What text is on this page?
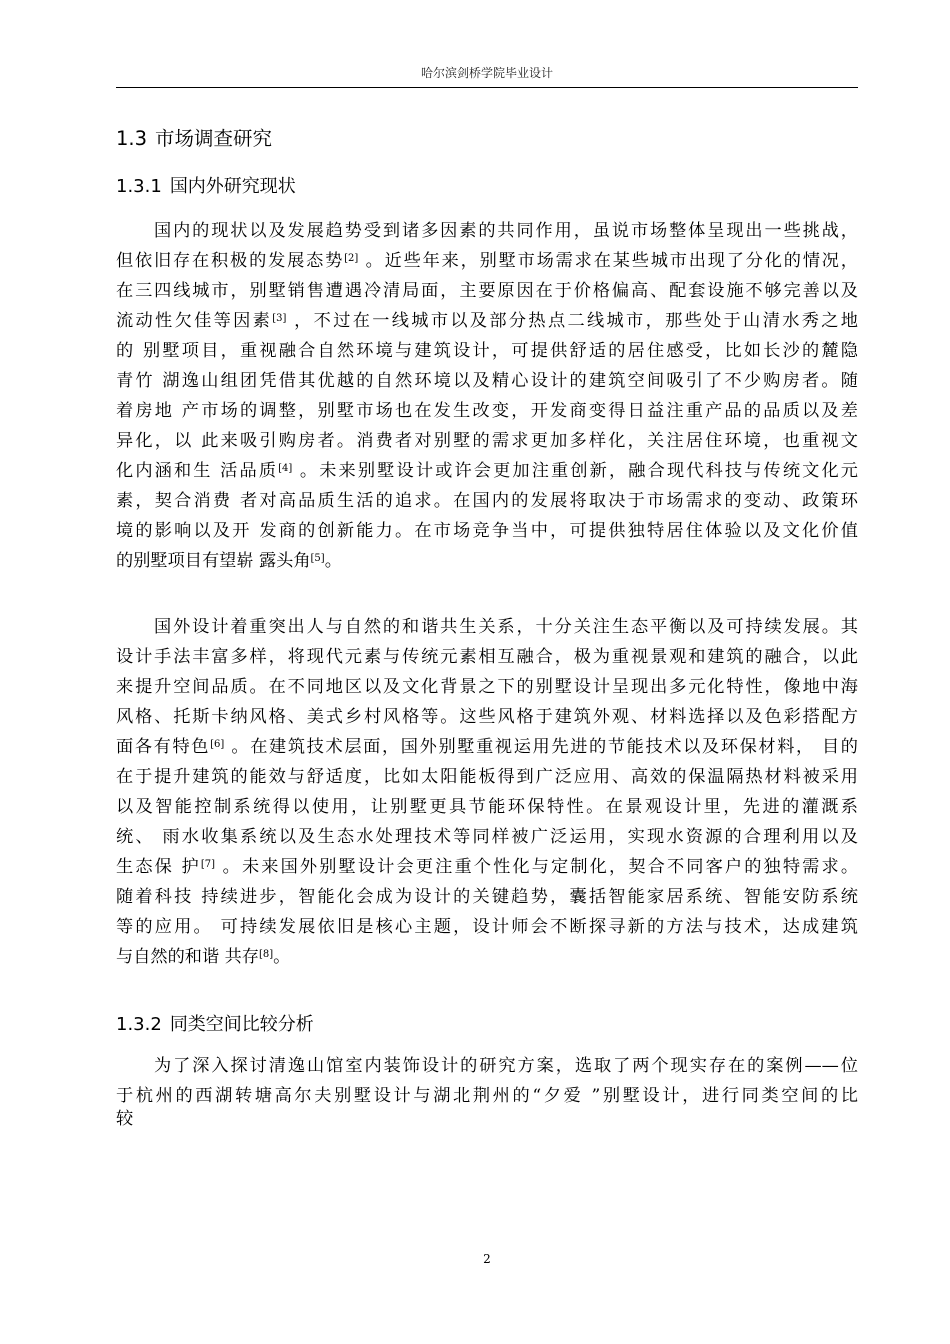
哈尔滨剑桥学院毕业设计
1.3 市场调查研究
1.3.1 国内外研究现状
国内的现状以及发展趋势受到诸多因素的共同作用，虽说市场整体呈现出一些挑战，
但依旧存在积极的发展态势[2] 。近些年来，别墅市场需求在某些城市出现了分化的情况，
在三四线城市，别墅销售遭遇冷清局面，主要原因在于价格偏高、配套设施不够完善以及
流动性欠佳等因素[3] ，不过在一线城市以及部分热点二线城市，那些处于山清水秀之地
的 别墅项目，重视融合自然环境与建筑设计，可提供舒适的居住感受，比如长沙的麓隐
青竹 湖逸山组团凭借其优越的自然环境以及精心设计的建筑空间吸引了不少购房者。随
着房地 产市场的调整，别墅市场也在发生改变，开发商变得日益注重产品的品质以及差
异化，以 此来吸引购房者。消费者对别墅的需求更加多样化，关注居住环境，也重视文
化内涵和生 活品质[4] 。未来别墅设计或许会更加注重创新，融合现代科技与传统文化元
素，契合消费 者对高品质生活的追求。在国内的发展将取决于市场需求的变动、政策环
境的影响以及开 发商的创新能力。在市场竞争当中，可提供独特居住体验以及文化价值
的别墅项目有望崭 露头角[5]。
国外设计着重突出人与自然的和谐共生关系，十分关注生态平衡以及可持续发展。其
设计手法丰富多样，将现代元素与传统元素相互融合，极为重视景观和建筑的融合，以此
来提升空间品质。在不同地区以及文化背景之下的别墅设计呈现出多元化特性，像地中海
风格、托斯卡纳风格、美式乡村风格等。这些风格于建筑外观、材料选择以及色彩搭配方
面各有特色[6] 。在建筑技术层面，国外别墅重视运用先进的节能技术以及环保材料， 目的
在于提升建筑的能效与舒适度，比如太阳能板得到广泛应用、高效的保温隔热材料被采用
以及智能控制系统得以使用，让别墅更具节能环保特性。在景观设计里，先进的灌溉系
统、 雨水收集系统以及生态水处理技术等同样被广泛运用，实现水资源的合理利用以及
生态保 护[7] 。未来国外别墅设计会更注重个性化与定制化，契合不同客户的独特需求。
随着科技 持续进步，智能化会成为设计的关键趋势，囊括智能家居系统、智能安防系统
等的应用。 可持续发展依旧是核心主题，设计师会不断探寻新的方法与技术，达成建筑
与自然的和谐 共存[8]。
1.3.2 同类空间比较分析
为了深入探讨清逸山馆室内装饰设计的研究方案，选取了两个现实存在的案例——位
于杭州的西湖转塘高尔夫别墅设计与湖北荆州的“夕爱 ”别墅设计，进行同类空间的比
较
2
